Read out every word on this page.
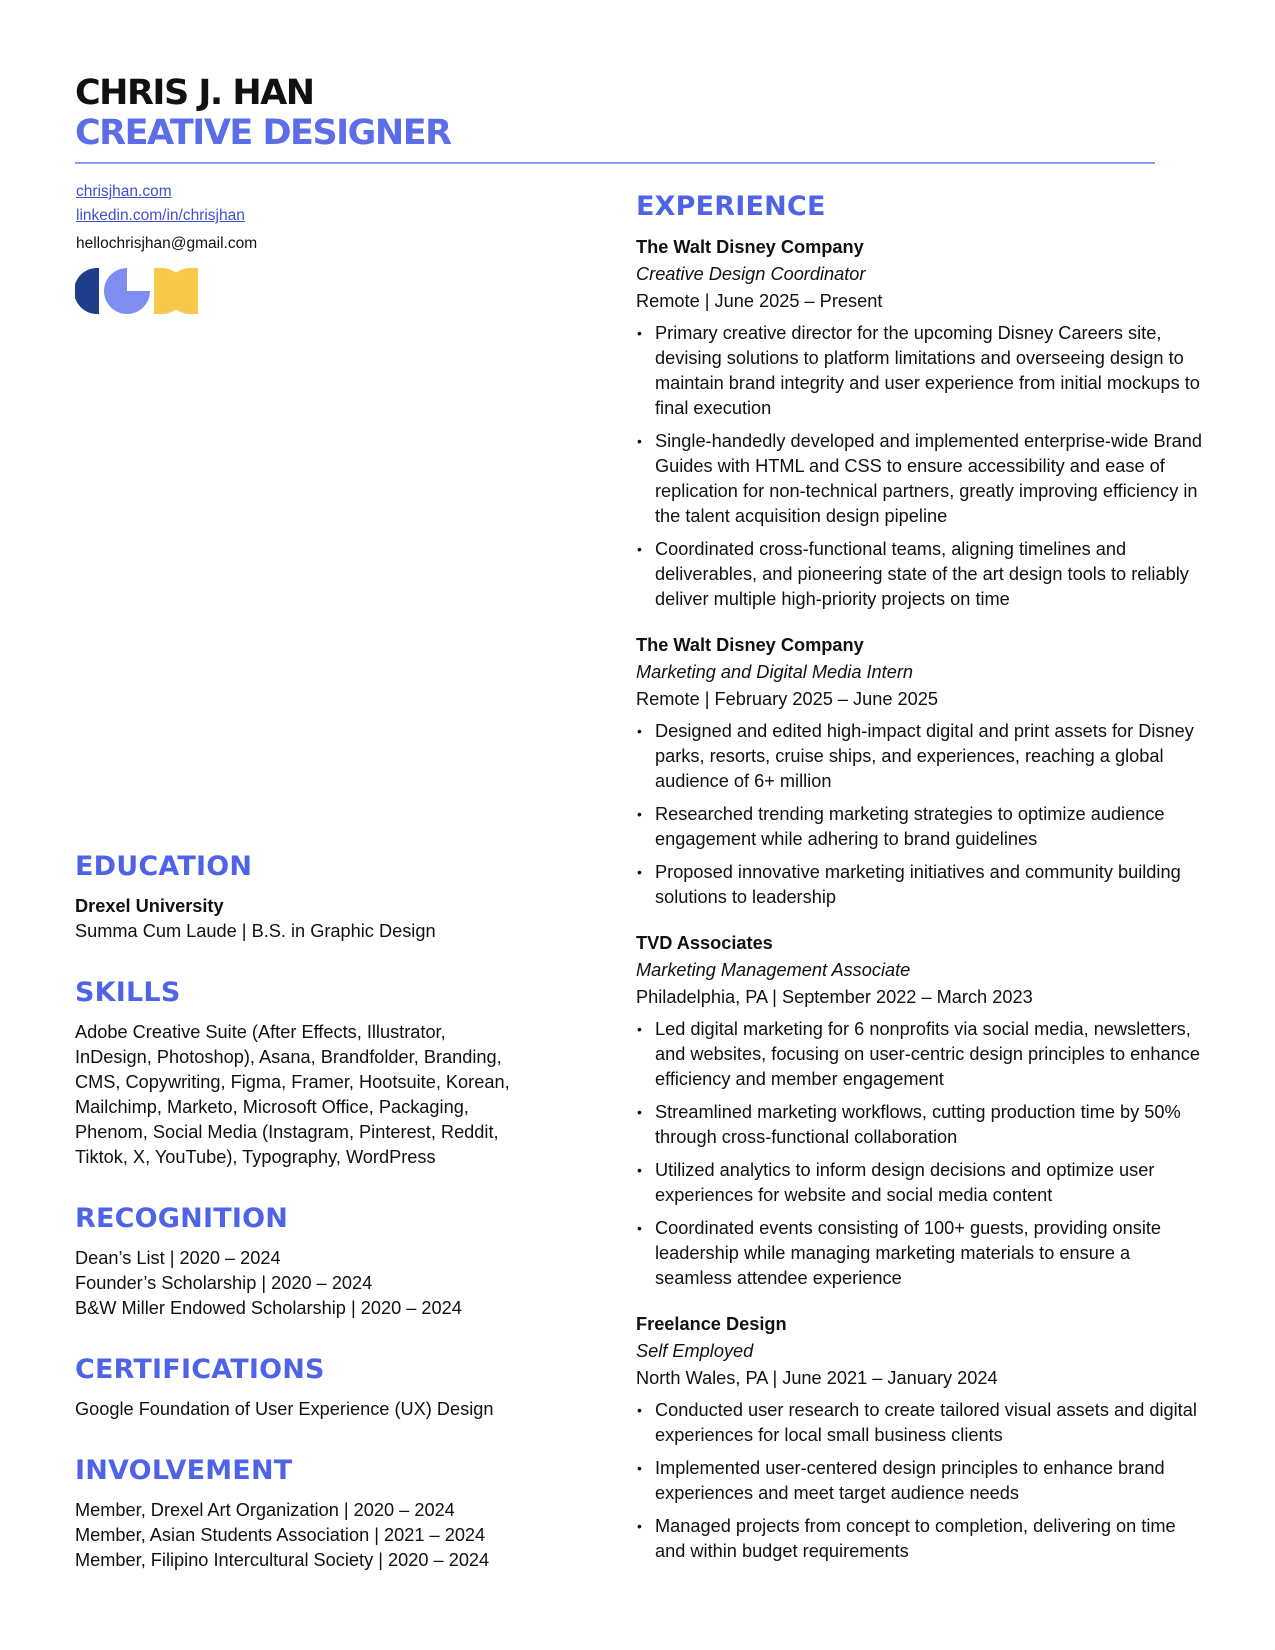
CHRIS J. HAN
CREATIVE DESIGNER
chrisjhan.com
linkedin.com/in/chrisjhan
hellochrisjhan@gmail.com
EDUCATION
Drexel University
Summa Cum Laude | B.S. in Graphic Design
SKILLS
Adobe Creative Suite (After Effects, Illustrator,
InDesign, Photoshop), Asana, Brandfolder, Branding,
CMS, Copywriting, Figma, Framer, Hootsuite, Korean,
Mailchimp, Marketo, Microsoft Office, Packaging,
Phenom, Social Media (Instagram, Pinterest, Reddit,
Tiktok, X, YouTube), Typography, WordPress
RECOGNITION
Dean’s List | 2020 – 2024
Founder’s Scholarship | 2020 – 2024
B&W Miller Endowed Scholarship | 2020 – 2024
CERTIFICATIONS
Google Foundation of User Experience (UX) Design
INVOLVEMENT
Member, Drexel Art Organization | 2020 – 2024
Member, Asian Students Association | 2021 – 2024
Member, Filipino Intercultural Society | 2020 – 2024
EXPERIENCE
The Walt Disney Company
Creative Design Coordinator
Remote | June 2025 – Present
• Primary creative director for the upcoming Disney Careers site, devising solutions to platform limitations and overseeing design to maintain brand integrity and user experience from initial mockups to final execution
• Single-handedly developed and implemented enterprise-wide Brand Guides with HTML and CSS to ensure accessibility and ease of replication for non-technical partners, greatly improving efficiency in the talent acquisition design pipeline
• Coordinated cross-functional teams, aligning timelines and deliverables, and pioneering state of the art design tools to reliably deliver multiple high-priority projects on time
The Walt Disney Company
Marketing and Digital Media Intern
Remote | February 2025 – June 2025
• Designed and edited high-impact digital and print assets for Disney parks, resorts, cruise ships, and experiences, reaching a global audience of 6+ million
• Researched trending marketing strategies to optimize audience engagement while adhering to brand guidelines
• Proposed innovative marketing initiatives and community building solutions to leadership
TVD Associates
Marketing Management Associate
Philadelphia, PA | September 2022 – March 2023
• Led digital marketing for 6 nonprofits via social media, newsletters, and websites, focusing on user-centric design principles to enhance efficiency and member engagement
• Streamlined marketing workflows, cutting production time by 50% through cross-functional collaboration
• Utilized analytics to inform design decisions and optimize user experiences for website and social media content
• Coordinated events consisting of 100+ guests, providing onsite leadership while managing marketing materials to ensure a seamless attendee experience
Freelance Design
Self Employed
North Wales, PA | June 2021 – January 2024
• Conducted user research to create tailored visual assets and digital experiences for local small business clients
• Implemented user-centered design principles to enhance brand experiences and meet target audience needs
• Managed projects from concept to completion, delivering on time and within budget requirements
